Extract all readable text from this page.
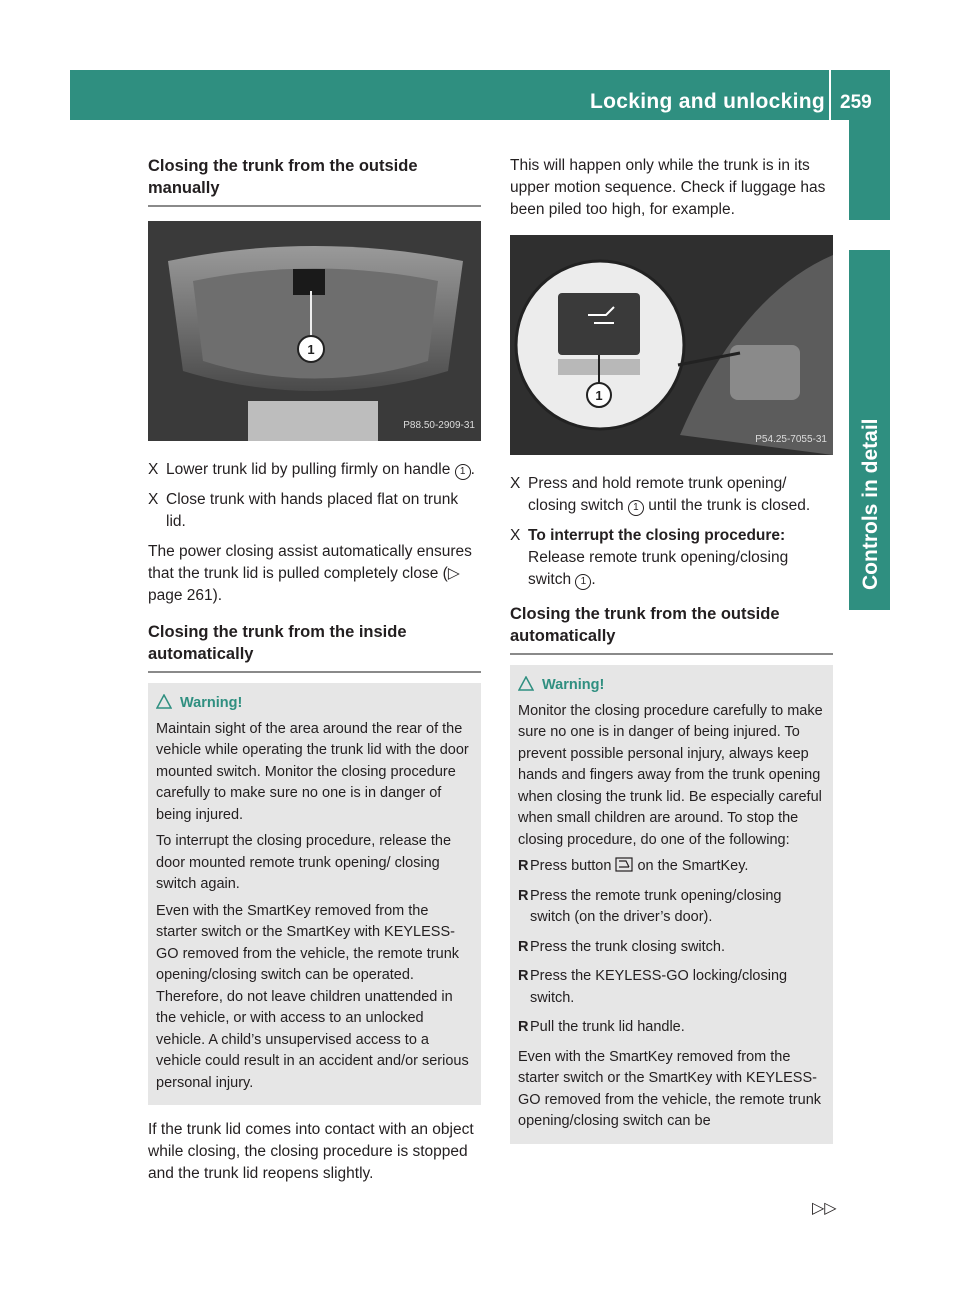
Locking and unlocking 259
Controls in detail
Closing the trunk from the outside manually
1
P88.50-2909-31
X Lower trunk lid by pulling firmly on handle 1 .
X Close trunk with hands placed flat on trunk lid.

The power closing assist automatically ensures that the trunk lid is pulled completely close (▷ page 261).

Closing the trunk from the inside automatically
Warning!

Maintain sight of the area around the rear of the vehicle while operating the trunk lid with the door mounted switch. Monitor the closing procedure carefully to make sure no one is in danger of being injured.

To interrupt the closing procedure, release the door mounted remote trunk opening/ closing switch again.

Even with the SmartKey removed from the starter switch or the SmartKey with KEYLESS-GO removed from the vehicle, the remote trunk opening/closing switch can be operated. Therefore, do not leave children unattended in the vehicle, or with access to an unlocked vehicle. A child’s unsupervised access to a vehicle could result in an accident and/or serious personal injury.

If the trunk lid comes into contact with an object while closing, the closing procedure is stopped and the trunk lid reopens slightly.

This will happen only while the trunk is in its upper motion sequence. Check if luggage has been piled too high, for example.

1
P54.25-7055-31
X Press and hold remote trunk opening/ closing switch 1 until the trunk is closed.
X To interrupt the closing procedure:
Release remote trunk opening/closing switch 1 .
Closing the trunk from the outside automatically
Warning!

Monitor the closing procedure carefully to make sure no one is in danger of being injured. To prevent possible personal injury, always keep hands and fingers away from the trunk opening when closing the trunk lid. Be especially careful when small children are around. To stop the closing procedure, do one of the following:

R Press button on the SmartKey.
R Press the remote trunk opening/closing switch (on the driver’s door).
R Press the trunk closing switch.
R Press the KEYLESS-GO locking/closing switch.
R Pull the trunk lid handle.

Even with the SmartKey removed from the starter switch or the SmartKey with KEYLESS-GO removed from the vehicle, the remote trunk opening/closing switch can be

▷▷
